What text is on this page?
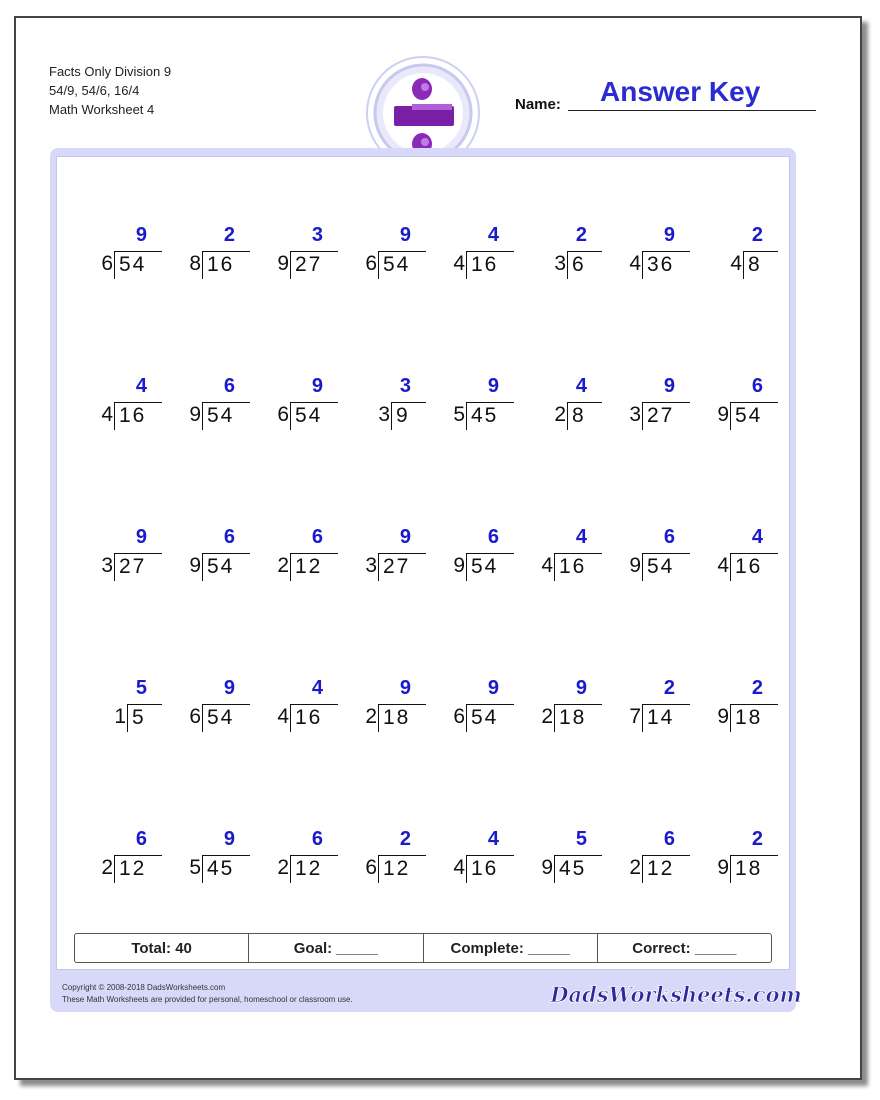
Facts Only Division 9
54/9, 54/6, 16/4
Math Worksheet 4	Name: Answer Key
9
6 54
2
8 16
3
9 27
9
6 54
4
4 16
2
3 6
9
4 36
2
4 8
4
4 16
6
9 54
9
6 54
3
3 9
9
5 45
4
2 8
9
3 27
6
9 54
9
3 27
6
9 54
6
2 12
9
3 27
6
9 54
4
4 16
6
9 54
4
4 16
5
1 5
9
6 54
4
4 16
9
2 18
9
6 54
9
2 18
2
7 14
2
9 18
6
2 12
9
5 45
6
2 12
2
6 12
4
4 16
5
9 45
6
2 12
2
9 18
Total: 40	Goal: _____	Complete: _____	Correct: _____
Copyright © 2008-2018 DadsWorksheets.com
These Math Worksheets are provided for personal, homeschool or classroom use.	DadsWorksheets.com
